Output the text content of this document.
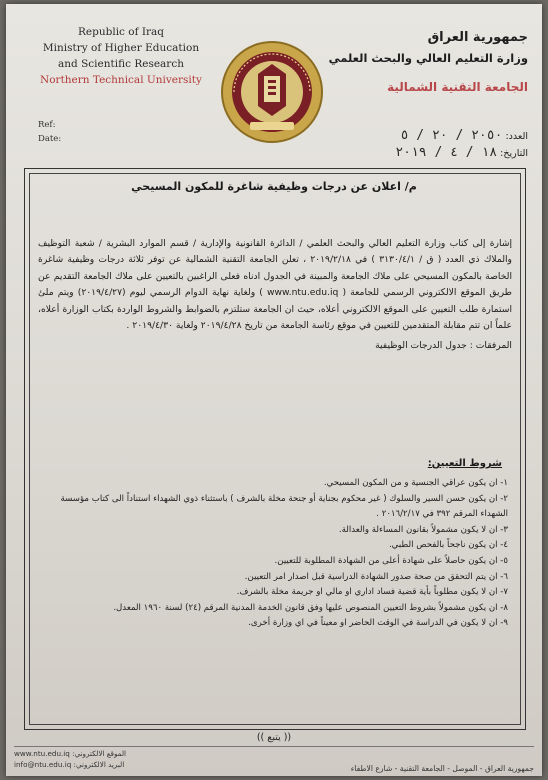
Republic of Iraq
Ministry of Higher Education
and Scientific Research
Northern Technical University
Ref:
Date:
جمهورية العراق
وزارة التعليم العالي والبحث العلمي
الجامعة التقنية الشمالية
العدد: ٢٠٥٠ / ٢٠ / ٥
التاريخ: ١٨ / ٤ / ٢٠١٩
م/ اعلان عن درجات وظيفية شاغرة للمكون المسيحي

إشارة إلى كتاب وزارة التعليم العالي والبحث العلمي / الدائرة القانونية والإدارية / قسم الموارد البشرية / شعبة التوظيف والملاك ذي العدد ( ق / ٣١٣٠/٤/١ ) في ٢٠١٩/٢/١٨ ، تعلن الجامعة التقنية الشمالية عن توفر ثلاثة درجات وظيفية شاغرة الخاصة بالمكون المسيحي على ملاك الجامعة والمبينة في الجدول ادناه فعلى الراغبين بالتعيين على ملاك الجامعة التقديم عن طريق الموقع الالكتروني الرسمي للجامعة ( www.ntu.edu.iq ) ولغاية نهاية الدوام الرسمي ليوم (٢٠١٩/٤/٢٧) ويتم ملئ استمارة طلب التعيين على الموقع الالكتروني أعلاه، حيث ان الجامعة ستلتزم بالضوابط والشروط الواردة بكتاب الوزارة أعلاه، علماً ان تتم مقابلة المتقدمين للتعيين في موقع رئاسة الجامعة من تاريخ ٢٠١٩/٤/٢٨ ولغاية ٢٠١٩/٤/٣٠ .

المرفقات : جدول الدرجات الوظيفية

شروط التعيين:
١- ان يكون عراقي الجنسية و من المكون المسيحي.
٢- ان يكون حسن السير والسلوك ( غير محكوم بجناية أو جنحة مخلة بالشرف ) باستثناء ذوي الشهداء استناداً الى كتاب مؤسسة الشهداء المرقم ٣٩٢ في ٢٠١٦/٢/١٧ .
٣- ان لا يكون مشمولاً بقانون المساءلة والعدالة.
٤- ان يكون ناجحاً بالفحص الطبي.
٥- ان يكون حاصلاً على شهادة أعلى من الشهادة المطلوبة للتعيين.
٦- ان يتم التحقق من صحة صدور الشهادة الدراسية قبل اصدار امر التعيين.
٧- ان لا يكون مطلوباً بأية قضية فساد اداري او مالي او جريمة مخلة بالشرف.
٨- ان يكون مشمولاً بشروط التعيين المنصوص عليها وفق قانون الخدمة المدنية المرقم (٢٤) لسنة ١٩٦٠ المعدل.
٩- ان لا يكون في الدراسة في الوقت الحاضر او معيناً في اي وزارة أخرى.
(( يتبع ))
الموقع الالكتروني: www.ntu.edu.iq
البريد الالكتروني: info@ntu.edu.iq	جمهورية العراق - الموصل - الجامعة التقنية - شارع الاطفاء
